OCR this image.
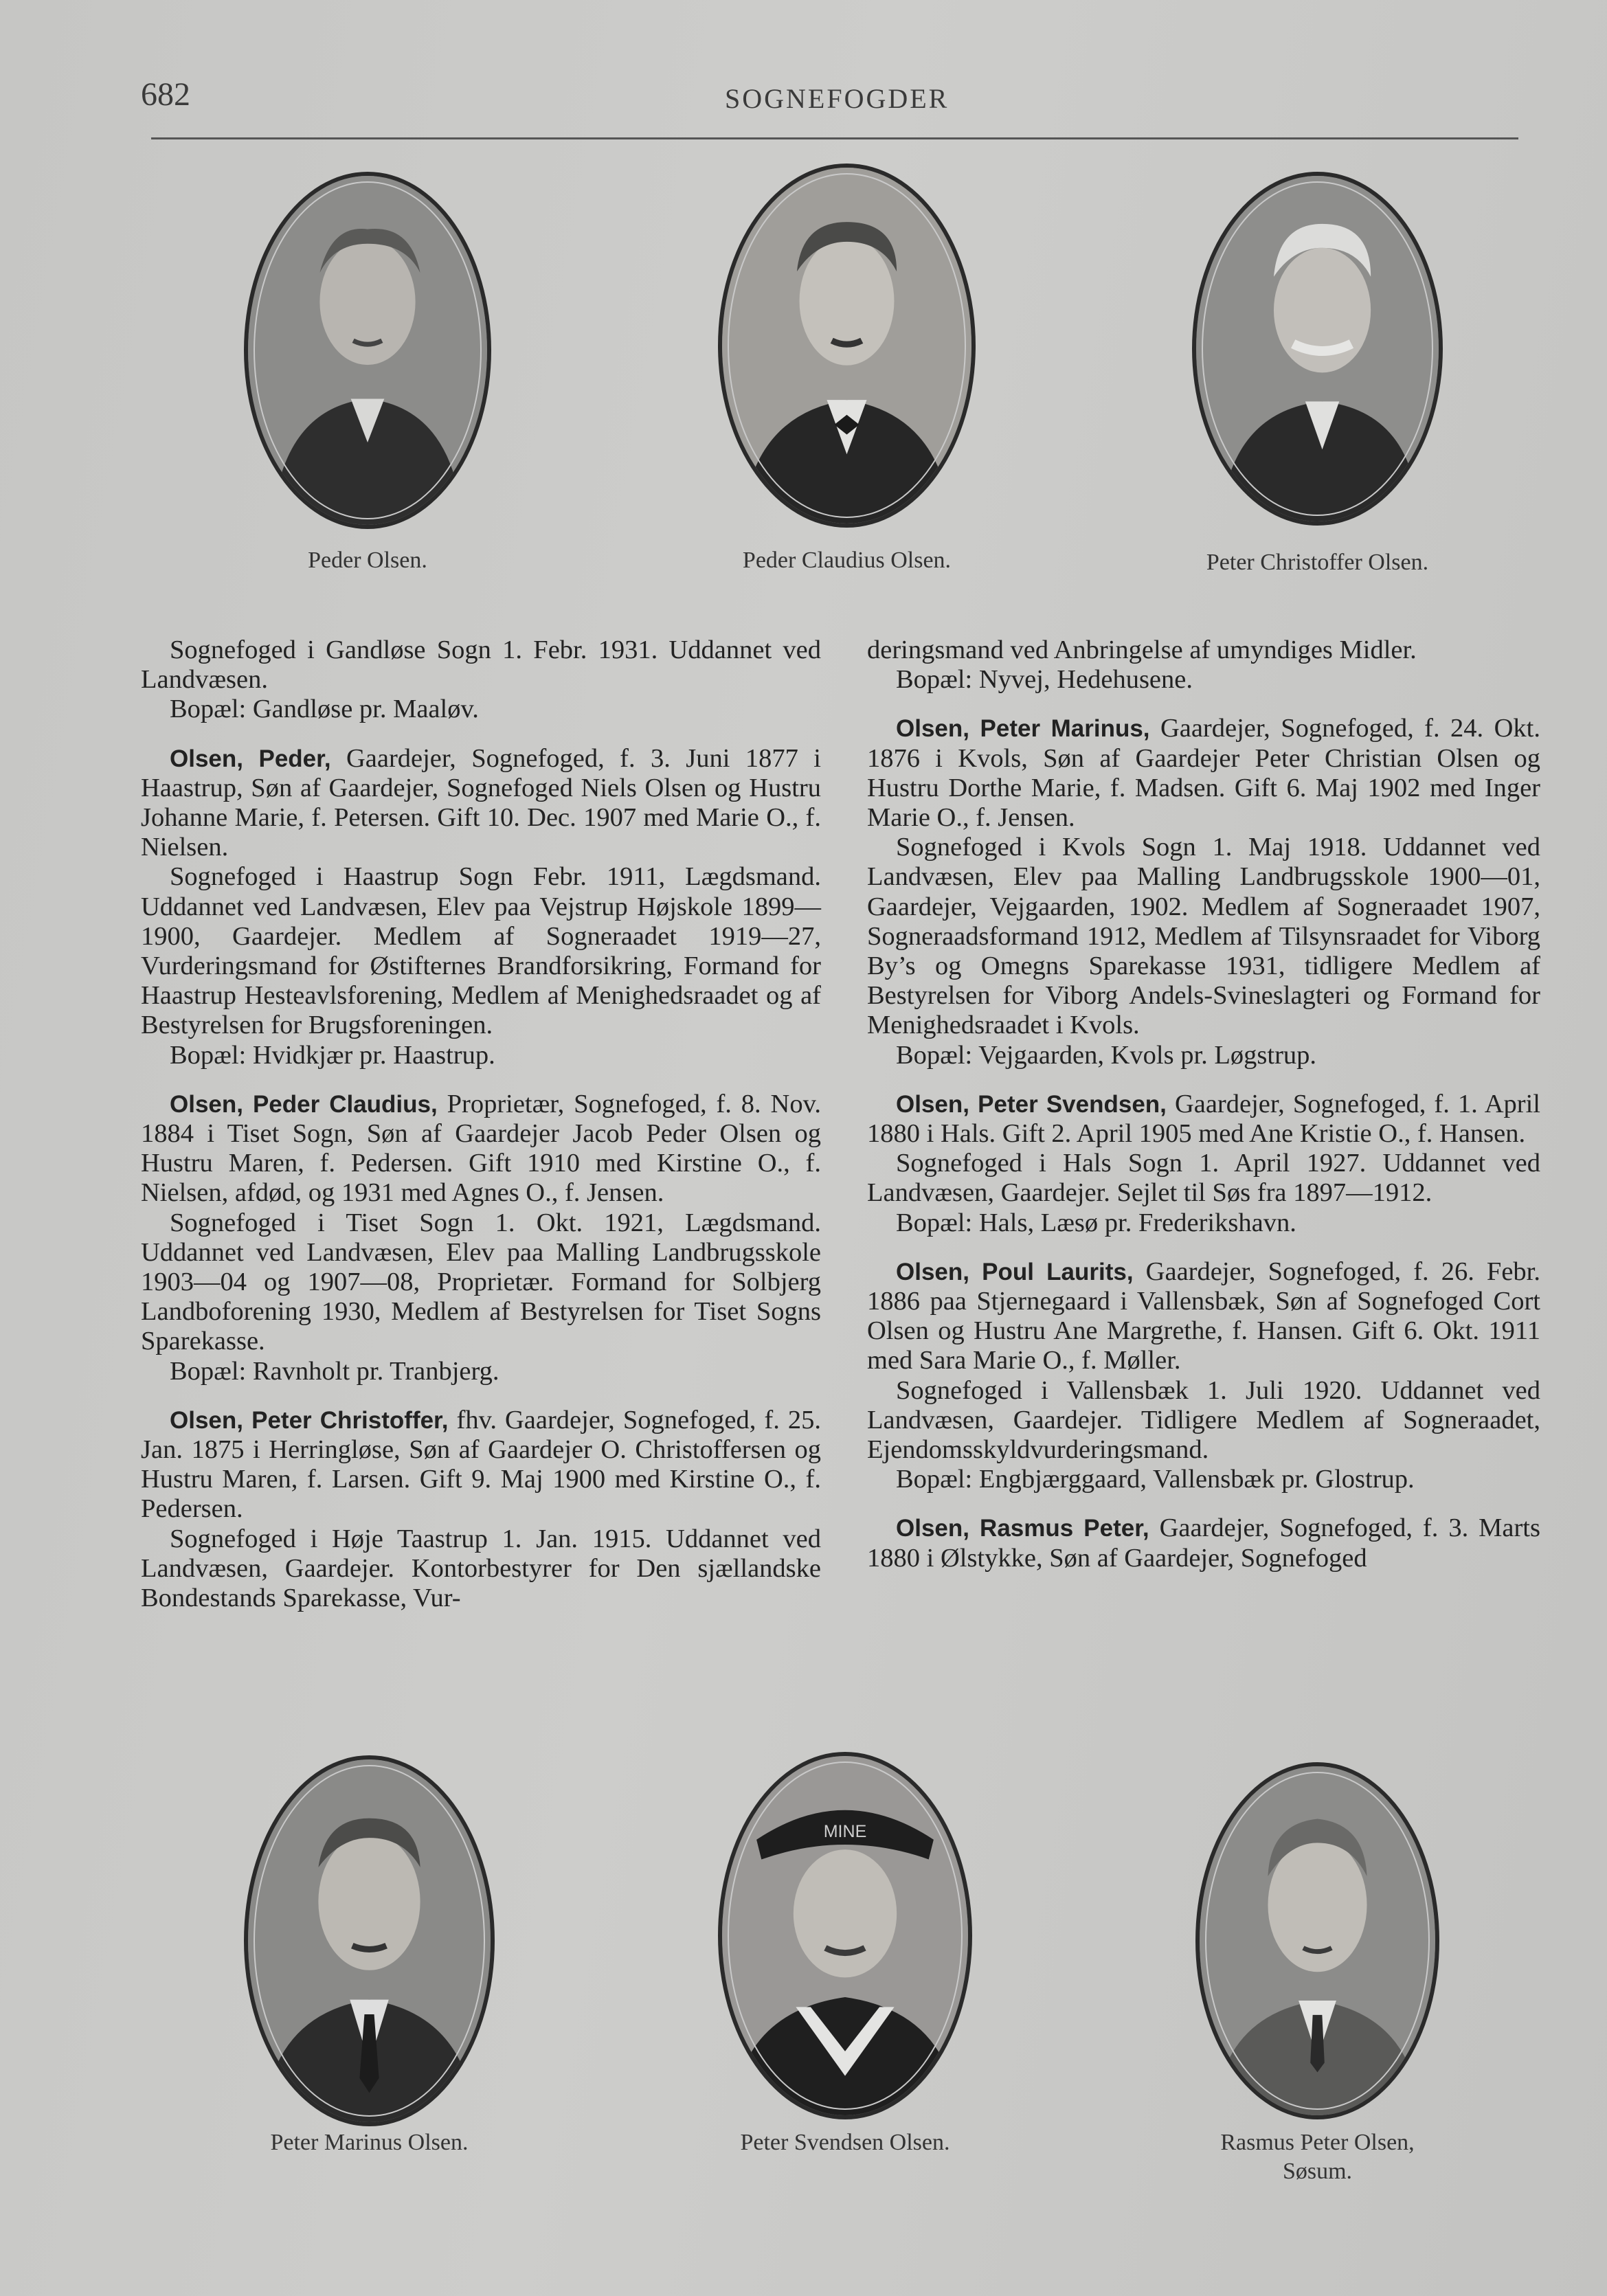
682	SOGNEFOGDER
Peder Olsen.	Peder Claudius Olsen.	Peter Christoffer Olsen.

Sognefoged i Gandløse Sogn 1. Febr. 1931. Uddannet ved Landvæsen.

Bopæl: Gandløse pr. Maaløv.

Olsen, Peder, Gaardejer, Sognefoged, f. 3. Juni 1877 i Haastrup, Søn af Gaardejer, Sognefoged Niels Olsen og Hustru Johanne Marie, f. Petersen. Gift 10. Dec. 1907 med Marie O., f. Nielsen.

Sognefoged i Haastrup Sogn Febr. 1911, Lægdsmand. Uddannet ved Landvæsen, Elev paa Vejstrup Højskole 1899—1900, Gaardejer. Medlem af Sogneraadet 1919—27, Vurderingsmand for Østifternes Brandforsikring, Formand for Haastrup Hesteavlsforening, Medlem af Menighedsraadet og af Bestyrelsen for Brugsforeningen.

Bopæl: Hvidkjær pr. Haastrup.

Olsen, Peder Claudius, Proprietær, Sognefoged, f. 8. Nov. 1884 i Tiset Sogn, Søn af Gaardejer Jacob Peder Olsen og Hustru Maren, f. Pedersen. Gift 1910 med Kirstine O., f. Nielsen, afdød, og 1931 med Agnes O., f. Jensen.

Sognefoged i Tiset Sogn 1. Okt. 1921, Lægdsmand. Uddannet ved Landvæsen, Elev paa Malling Landbrugsskole 1903—04 og 1907—08, Proprietær. Formand for Solbjerg Landboforening 1930, Medlem af Bestyrelsen for Tiset Sogns Sparekasse.

Bopæl: Ravnholt pr. Tranbjerg.

Olsen, Peter Christoffer, fhv. Gaardejer, Sognefoged, f. 25. Jan. 1875 i Herringløse, Søn af Gaardejer O. Christoffersen og Hustru Maren, f. Larsen. Gift 9. Maj 1900 med Kirstine O., f. Pedersen.

Sognefoged i Høje Taastrup 1. Jan. 1915. Uddannet ved Landvæsen, Gaardejer. Kontorbestyrer for Den sjællandske Bondestands Sparekasse, Vur-

deringsmand ved Anbringelse af umyndiges Midler.

Bopæl: Nyvej, Hedehusene.

Olsen, Peter Marinus, Gaardejer, Sognefoged, f. 24. Okt. 1876 i Kvols, Søn af Gaardejer Peter Christian Olsen og Hustru Dorthe Marie, f. Madsen. Gift 6. Maj 1902 med Inger Marie O., f. Jensen.

Sognefoged i Kvols Sogn 1. Maj 1918. Uddannet ved Landvæsen, Elev paa Malling Landbrugsskole 1900—01, Gaardejer, Vejgaarden, 1902. Medlem af Sogneraadet 1907, Sogneraadsformand 1912, Medlem af Tilsynsraadet for Viborg By’s og Omegns Sparekasse 1931, tidligere Medlem af Bestyrelsen for Viborg Andels-Svineslagteri og Formand for Menighedsraadet i Kvols.

Bopæl: Vejgaarden, Kvols pr. Løgstrup.

Olsen, Peter Svendsen, Gaardejer, Sognefoged, f. 1. April 1880 i Hals. Gift 2. April 1905 med Ane Kristie O., f. Hansen.

Sognefoged i Hals Sogn 1. April 1927. Uddannet ved Landvæsen, Gaardejer. Sejlet til Søs fra 1897—1912.

Bopæl: Hals, Læsø pr. Frederikshavn.

Olsen, Poul Laurits, Gaardejer, Sognefoged, f. 26. Febr. 1886 paa Stjernegaard i Vallensbæk, Søn af Sognefoged Cort Olsen og Hustru Ane Margrethe, f. Hansen. Gift 6. Okt. 1911 med Sara Marie O., f. Møller.

Sognefoged i Vallensbæk 1. Juli 1920. Uddannet ved Landvæsen, Gaardejer. Tidligere Medlem af Sogneraadet, Ejendomsskyldvurderingsmand.

Bopæl: Engbjærggaard, Vallensbæk pr. Glostrup.

Olsen, Rasmus Peter, Gaardejer, Sognefoged, f. 3. Marts 1880 i Ølstykke, Søn af Gaardejer, Sognefoged

Peter Marinus Olsen.
MINE
Peter Svendsen Olsen.	Rasmus Peter Olsen,
Søsum.
